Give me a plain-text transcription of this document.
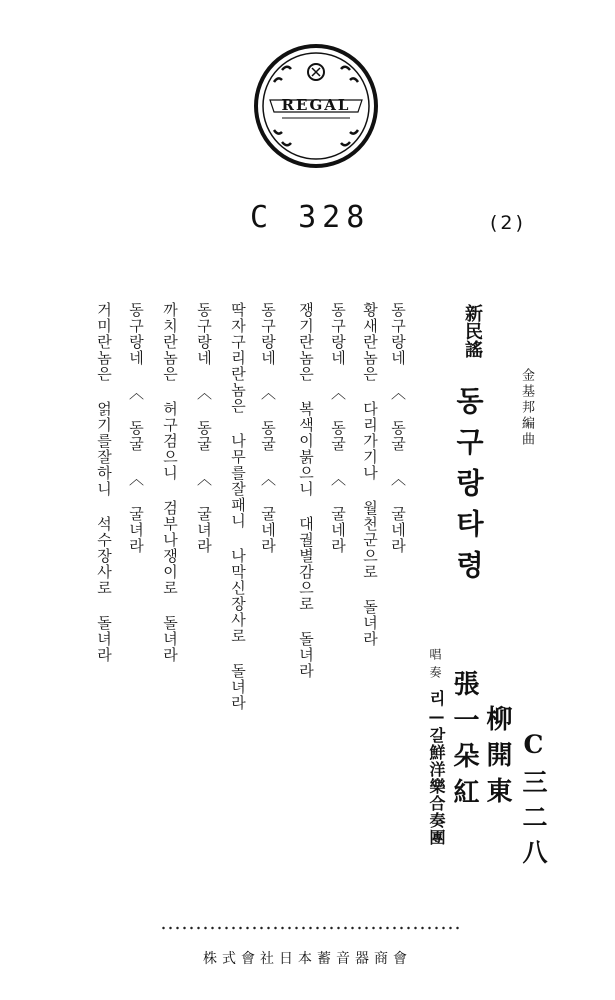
REGAL
C 328	(2)
新民謠
동구랑타령	金基邦編曲
동구랑네 〈 동굴 〈 굴네라
황새란놈은 다리가기나 월천군으로 돌녀라
동구랑네 〈 동굴 〈 굴네라
쟁기란놈은 복색이붉으니 대궐별감으로 돌녀라
동구랑네 〈 동굴 〈 굴네라
딱자구리란놈은 나무를잘패니 나막신장사로 돌녀라
동구랑네 〈 동굴 〈 굴녀라
까치란놈은 허구검으니 검부나쟁이로 돌녀라
동구랑네 〈 동굴 〈 굴녀라
거미란놈은 얽기를잘하니 석수장사로 돌녀라
唱奏
柳開東
張一朵紅
리—갈鮮洋樂合奏團	C三二八
株式會社日本蓄音器商會
